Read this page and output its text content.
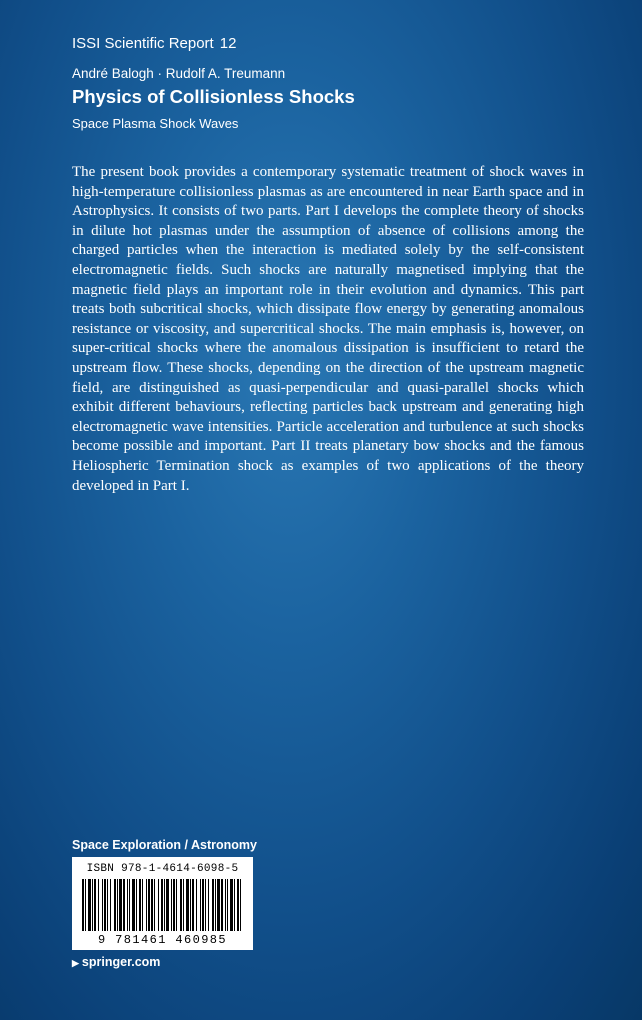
ISSI Scientific Report 12
André Balogh · Rudolf A. Treumann
Physics of Collisionless Shocks
Space Plasma Shock Waves

The present book provides a contemporary systematic treatment of shock waves in high-temperature collisionless plasmas as are encountered in near Earth space and in Astrophysics. It consists of two parts. Part I develops the complete theory of shocks in dilute hot plasmas under the assumption of absence of collisions among the charged particles when the interaction is mediated solely by the self-consistent electromagnetic fields. Such shocks are naturally magnetised implying that the magnetic field plays an important role in their evolution and dynamics. This part treats both subcritical shocks, which dissipate flow energy by generating anomalous resistance or viscosity, and supercritical shocks. The main emphasis is, however, on super-critical shocks where the anomalous dissipation is insufficient to retard the upstream flow. These shocks, depending on the direction of the upstream magnetic field, are distinguished as quasi-perpendicular and quasi-parallel shocks which exhibit different behaviours, reflecting particles back upstream and generating high electromagnetic wave intensities. Particle acceleration and turbulence at such shocks become possible and important. Part II treats planetary bow shocks and the famous Heliospheric Termination shock as examples of two applications of the theory developed in Part I.

Space Exploration / Astronomy
ISBN 978-1-4614-6098-5
9 781461 460985
▶ springer.com
